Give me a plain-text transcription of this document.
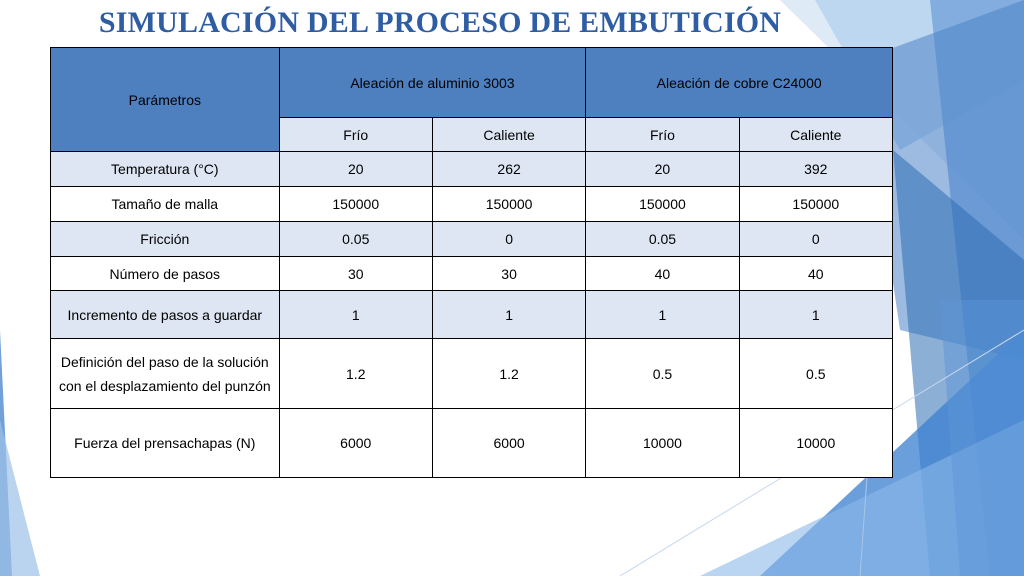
SIMULACIÓN DEL PROCESO DE EMBUTICIÓN
Parámetros	Aleación de aluminio 3003		Aleación de cobre C24000	
	Frío	Caliente	Frío	Caliente
Temperatura (°C)	20	262	20	392
Tamaño de malla	150000	150000	150000	150000
Fricción	0.05	0	0.05	0
Número de pasos	30	30	40	40
Incremento de pasos a guardar	1	1	1	1
Definición del paso de la solución con el desplazamiento del punzón	1.2	1.2	0.5	0.5
Fuerza del prensachapas (N)	6000	6000	10000	10000
